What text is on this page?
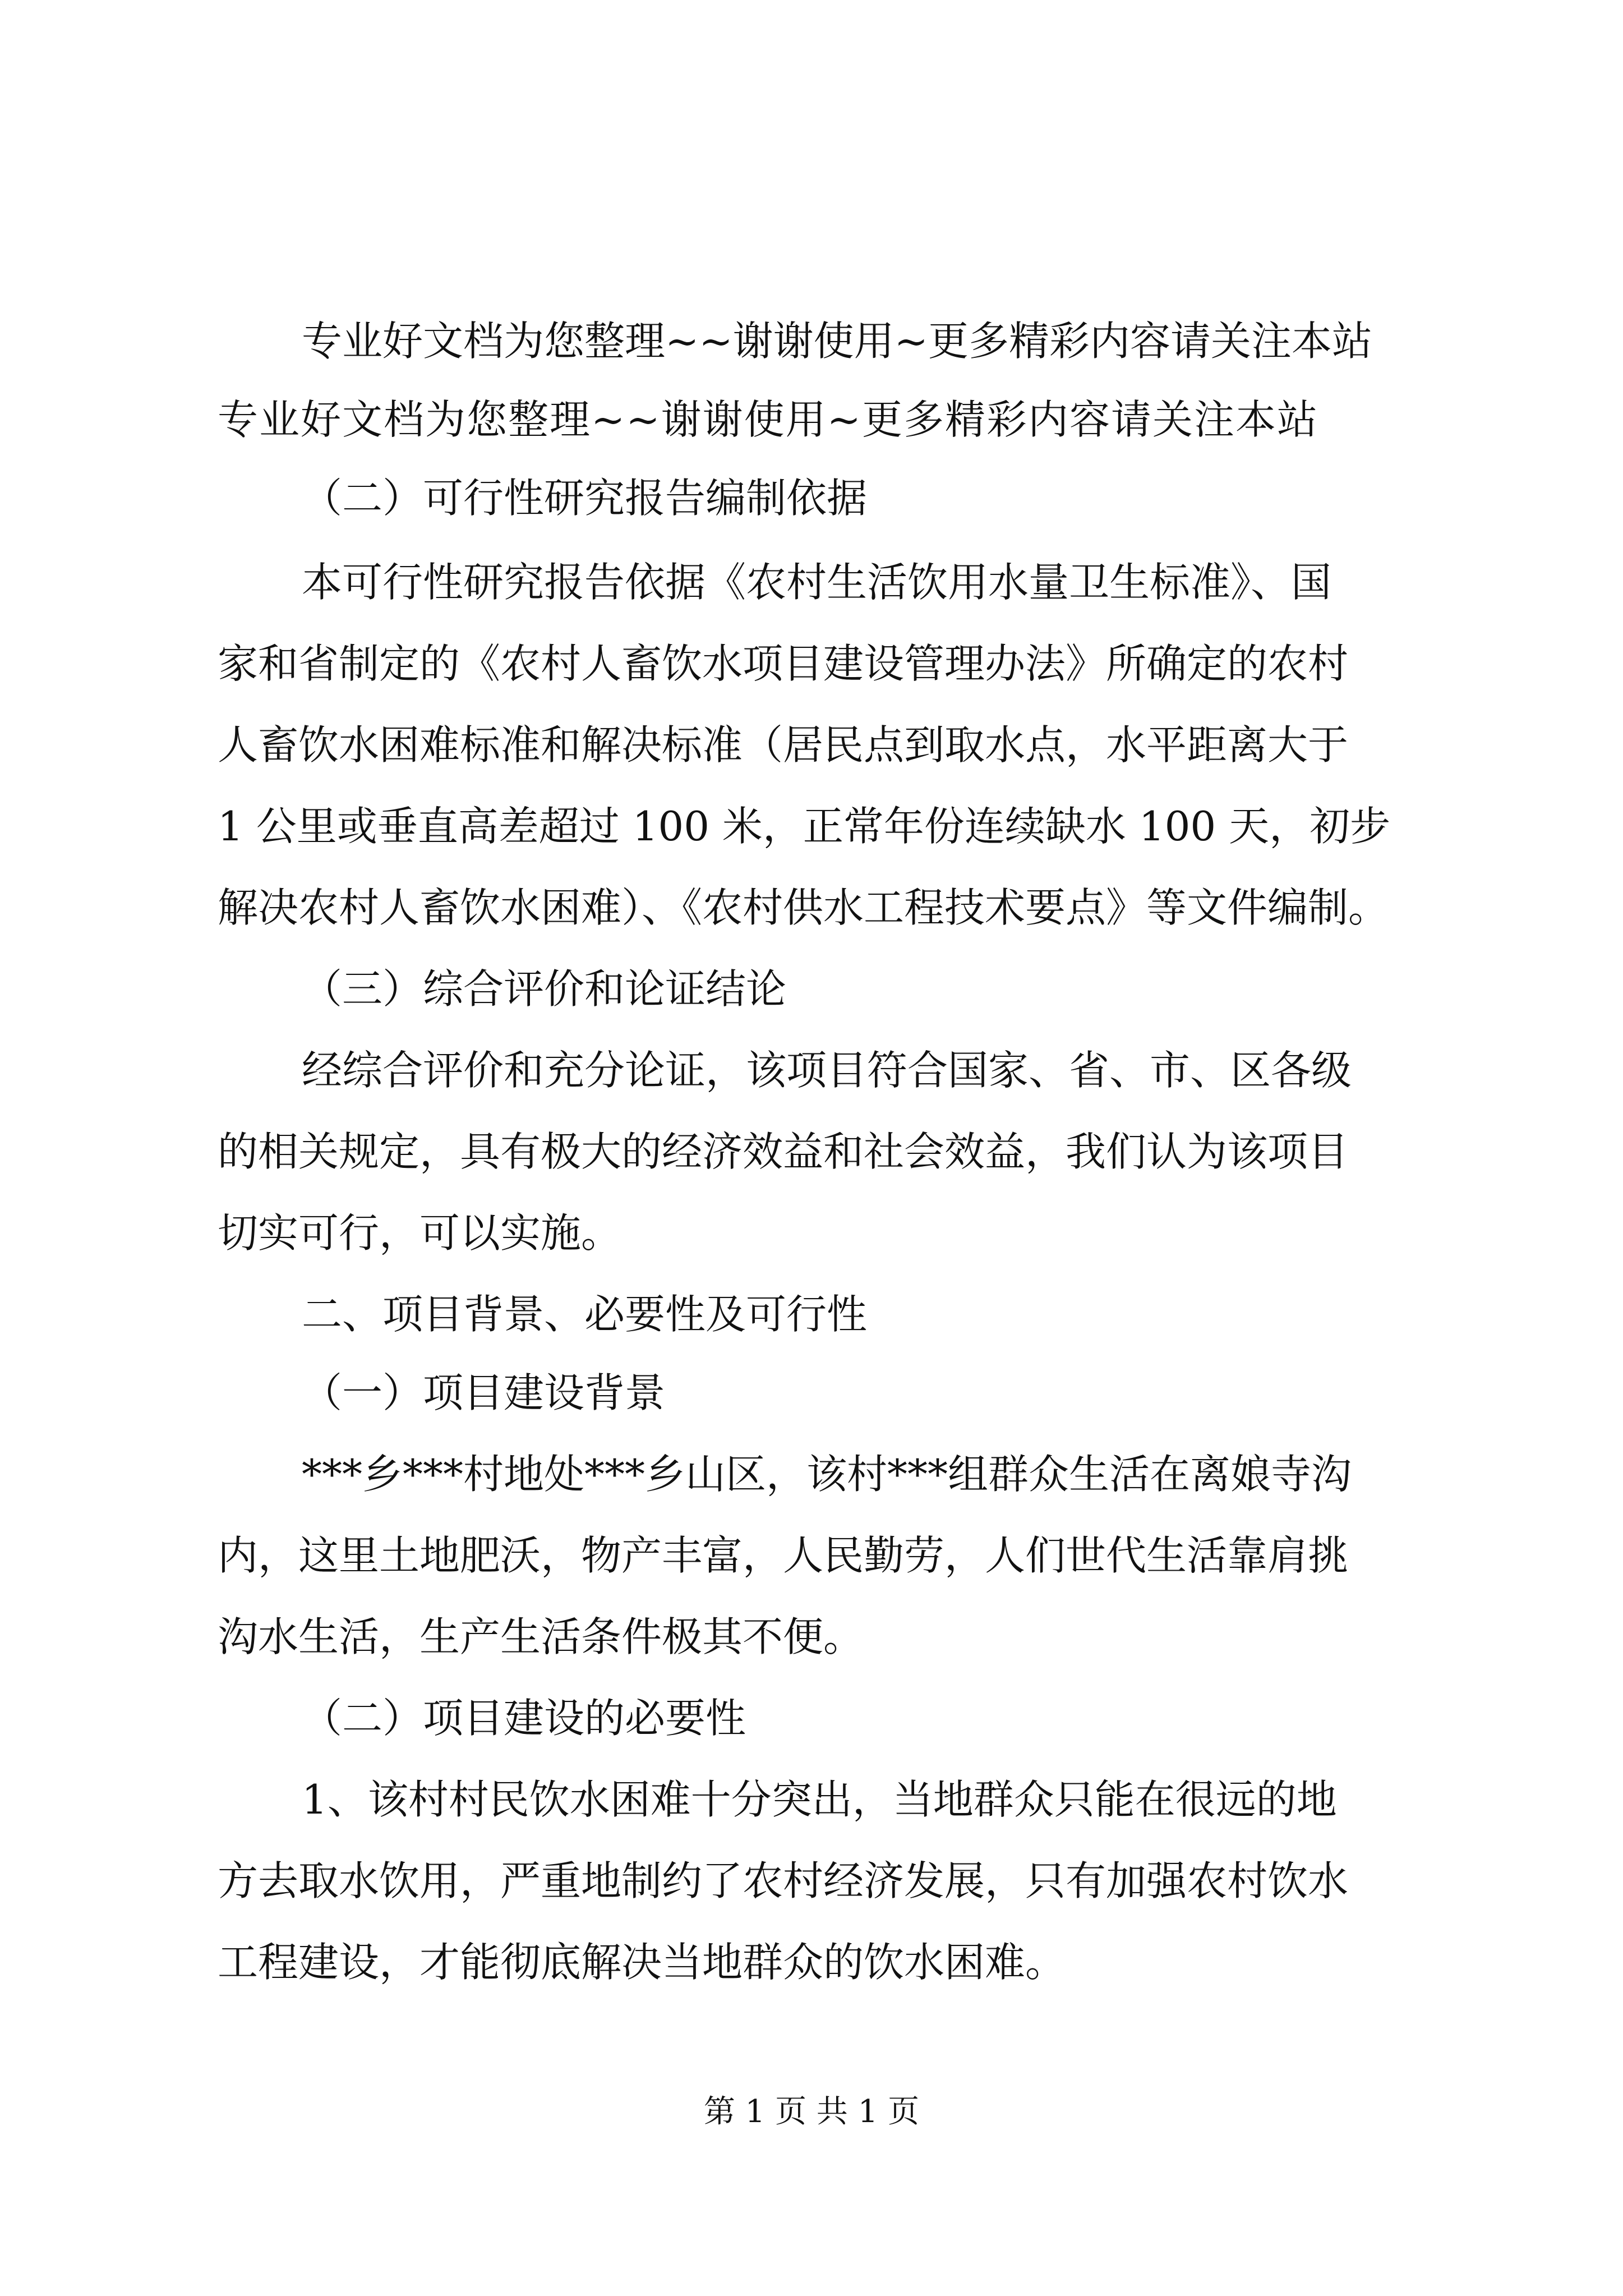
专业好文档为您整理~~谢谢使用~更多精彩内容请关注本站
专业好文档为您整理~~谢谢使用~更多精彩内容请关注本站
（二）可行性研究报告编制依据
本可行性研究报告依据《农村生活饮用水量卫生标准》、国
家和省制定的《农村人畜饮水项目建设管理办法》所确定的农村
人畜饮水困难标准和解决标准（居民点到取水点，水平距离大于
1 公里或垂直高差超过 100 米，正常年份连续缺水 100 天，初步
解决农村人畜饮水困难）、《农村供水工程技术要点》等文件编制。
（三）综合评价和论证结论
经综合评价和充分论证，该项目符合国家、省、市、区各级
的相关规定，具有极大的经济效益和社会效益，我们认为该项目
切实可行，可以实施。
二、项目背景、必要性及可行性
（一）项目建设背景
***乡***村地处***乡山区，该村***组群众生活在离娘寺沟
内，这里土地肥沃，物产丰富，人民勤劳，人们世代生活靠肩挑
沟水生活，生产生活条件极其不便。
（二）项目建设的必要性
1、该村村民饮水困难十分突出，当地群众只能在很远的地
方去取水饮用，严重地制约了农村经济发展，只有加强农村饮水
工程建设，才能彻底解决当地群众的饮水困难。
第 1 页 共 1 页
